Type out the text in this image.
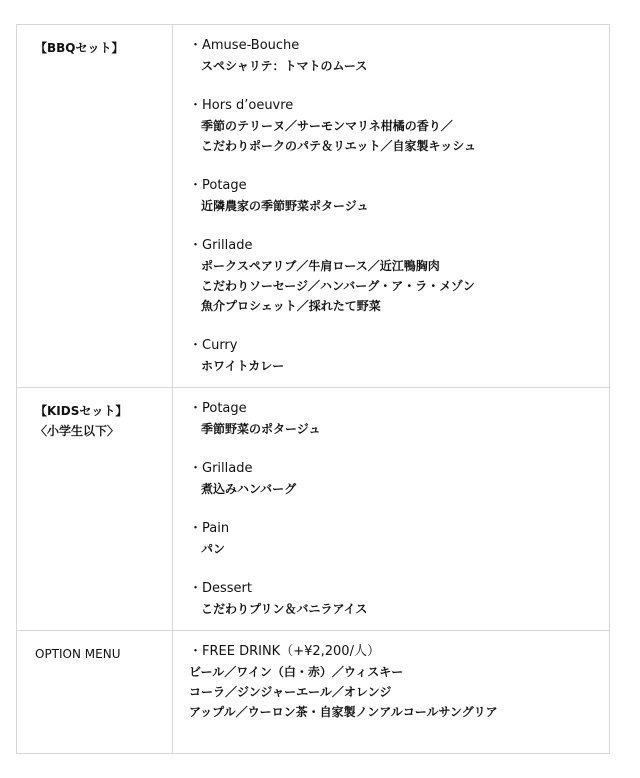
【BBQセット】	・Amuse-Bouche
スペシャリテ：トマトのムース
・Hors d’oeuvre
季節のテリーヌ／サーモンマリネ柑橘の香り／
こだわりポークのパテ＆リエット／自家製キッシュ
・Potage
近隣農家の季節野菜ポタージュ
・Grillade
ポークスペアリブ／牛肩ロース／近江鴨胸肉
こだわりソーセージ／ハンバーグ・ア・ラ・メゾン
魚介プロシェット／採れたて野菜
・Curry
ホワイトカレー
【KIDSセット】
〈小学生以下〉
・Potage
季節野菜のポタージュ
・Grillade
煮込みハンバーグ
・Pain
パン
・Dessert
こだわりプリン＆バニラアイス
OPTION MENU	・FREE DRINK（+¥2,200/人）
ビール／ワイン（白・赤）／ウィスキー
コーラ／ジンジャーエール／オレンジ
アップル／ウーロン茶・自家製ノンアルコールサングリア
